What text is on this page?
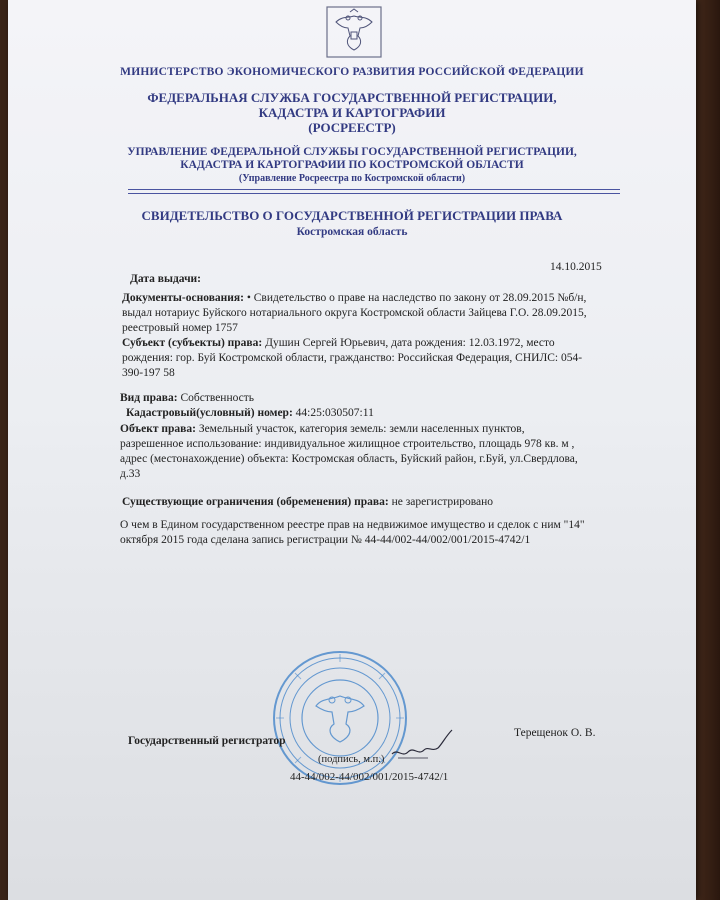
МИНИСТЕРСТВО ЭКОНОМИЧЕСКОГО РАЗВИТИЯ РОССИЙСКОЙ ФЕДЕРАЦИИ
ФЕДЕРАЛЬНАЯ СЛУЖБА ГОСУДАРСТВЕННОЙ РЕГИСТРАЦИИ,
КАДАСТРА И КАРТОГРАФИИ
(РОСРЕЕСТР)
УПРАВЛЕНИЕ ФЕДЕРАЛЬНОЙ СЛУЖБЫ ГОСУДАРСТВЕННОЙ РЕГИСТРАЦИИ,
КАДАСТРА И КАРТОГРАФИИ ПО КОСТРОМСКОЙ ОБЛАСТИ
(Управление Росреестра по Костромской области)
СВИДЕТЕЛЬСТВО О ГОСУДАРСТВЕННОЙ РЕГИСТРАЦИИ ПРАВА
Костромская область
14.10.2015
Дата выдачи:
Документы-основания: • Свидетельство о праве на наследство по закону от 28.09.2015 №б/н,
выдал нотариус Буйского нотариального округа Костромской области Зайцева Г.О. 28.09.2015,
реестровый номер 1757
Субъект (субъекты) права: Душин Сергей Юрьевич, дата рождения: 12.03.1972, место
рождения: гор. Буй Костромской области, гражданство: Российская Федерация, СНИЛС: 054-
390-197 58
Вид права: Собственность
Кадастровый(условный) номер: 44:25:030507:11
Объект права: Земельный участок, категория земель: земли населенных пунктов,
разрешенное использование: индивидуальное жилищное строительство, площадь 978 кв. м ,
адрес (местонахождение) объекта: Костромская область, Буйский район, г.Буй, ул.Свердлова,
д.33
Существующие ограничения (обременения) права: не зарегистрировано
О чем в Едином государственном реестре прав на недвижимое имущество и сделок с ним "14"
октября 2015 года сделана запись регистрации № 44-44/002-44/002/001/2015-4742/1
Государственный регистратор
Терещенок О. В.
(подпись, м.п.)
44-44/002-44/002/001/2015-4742/1
